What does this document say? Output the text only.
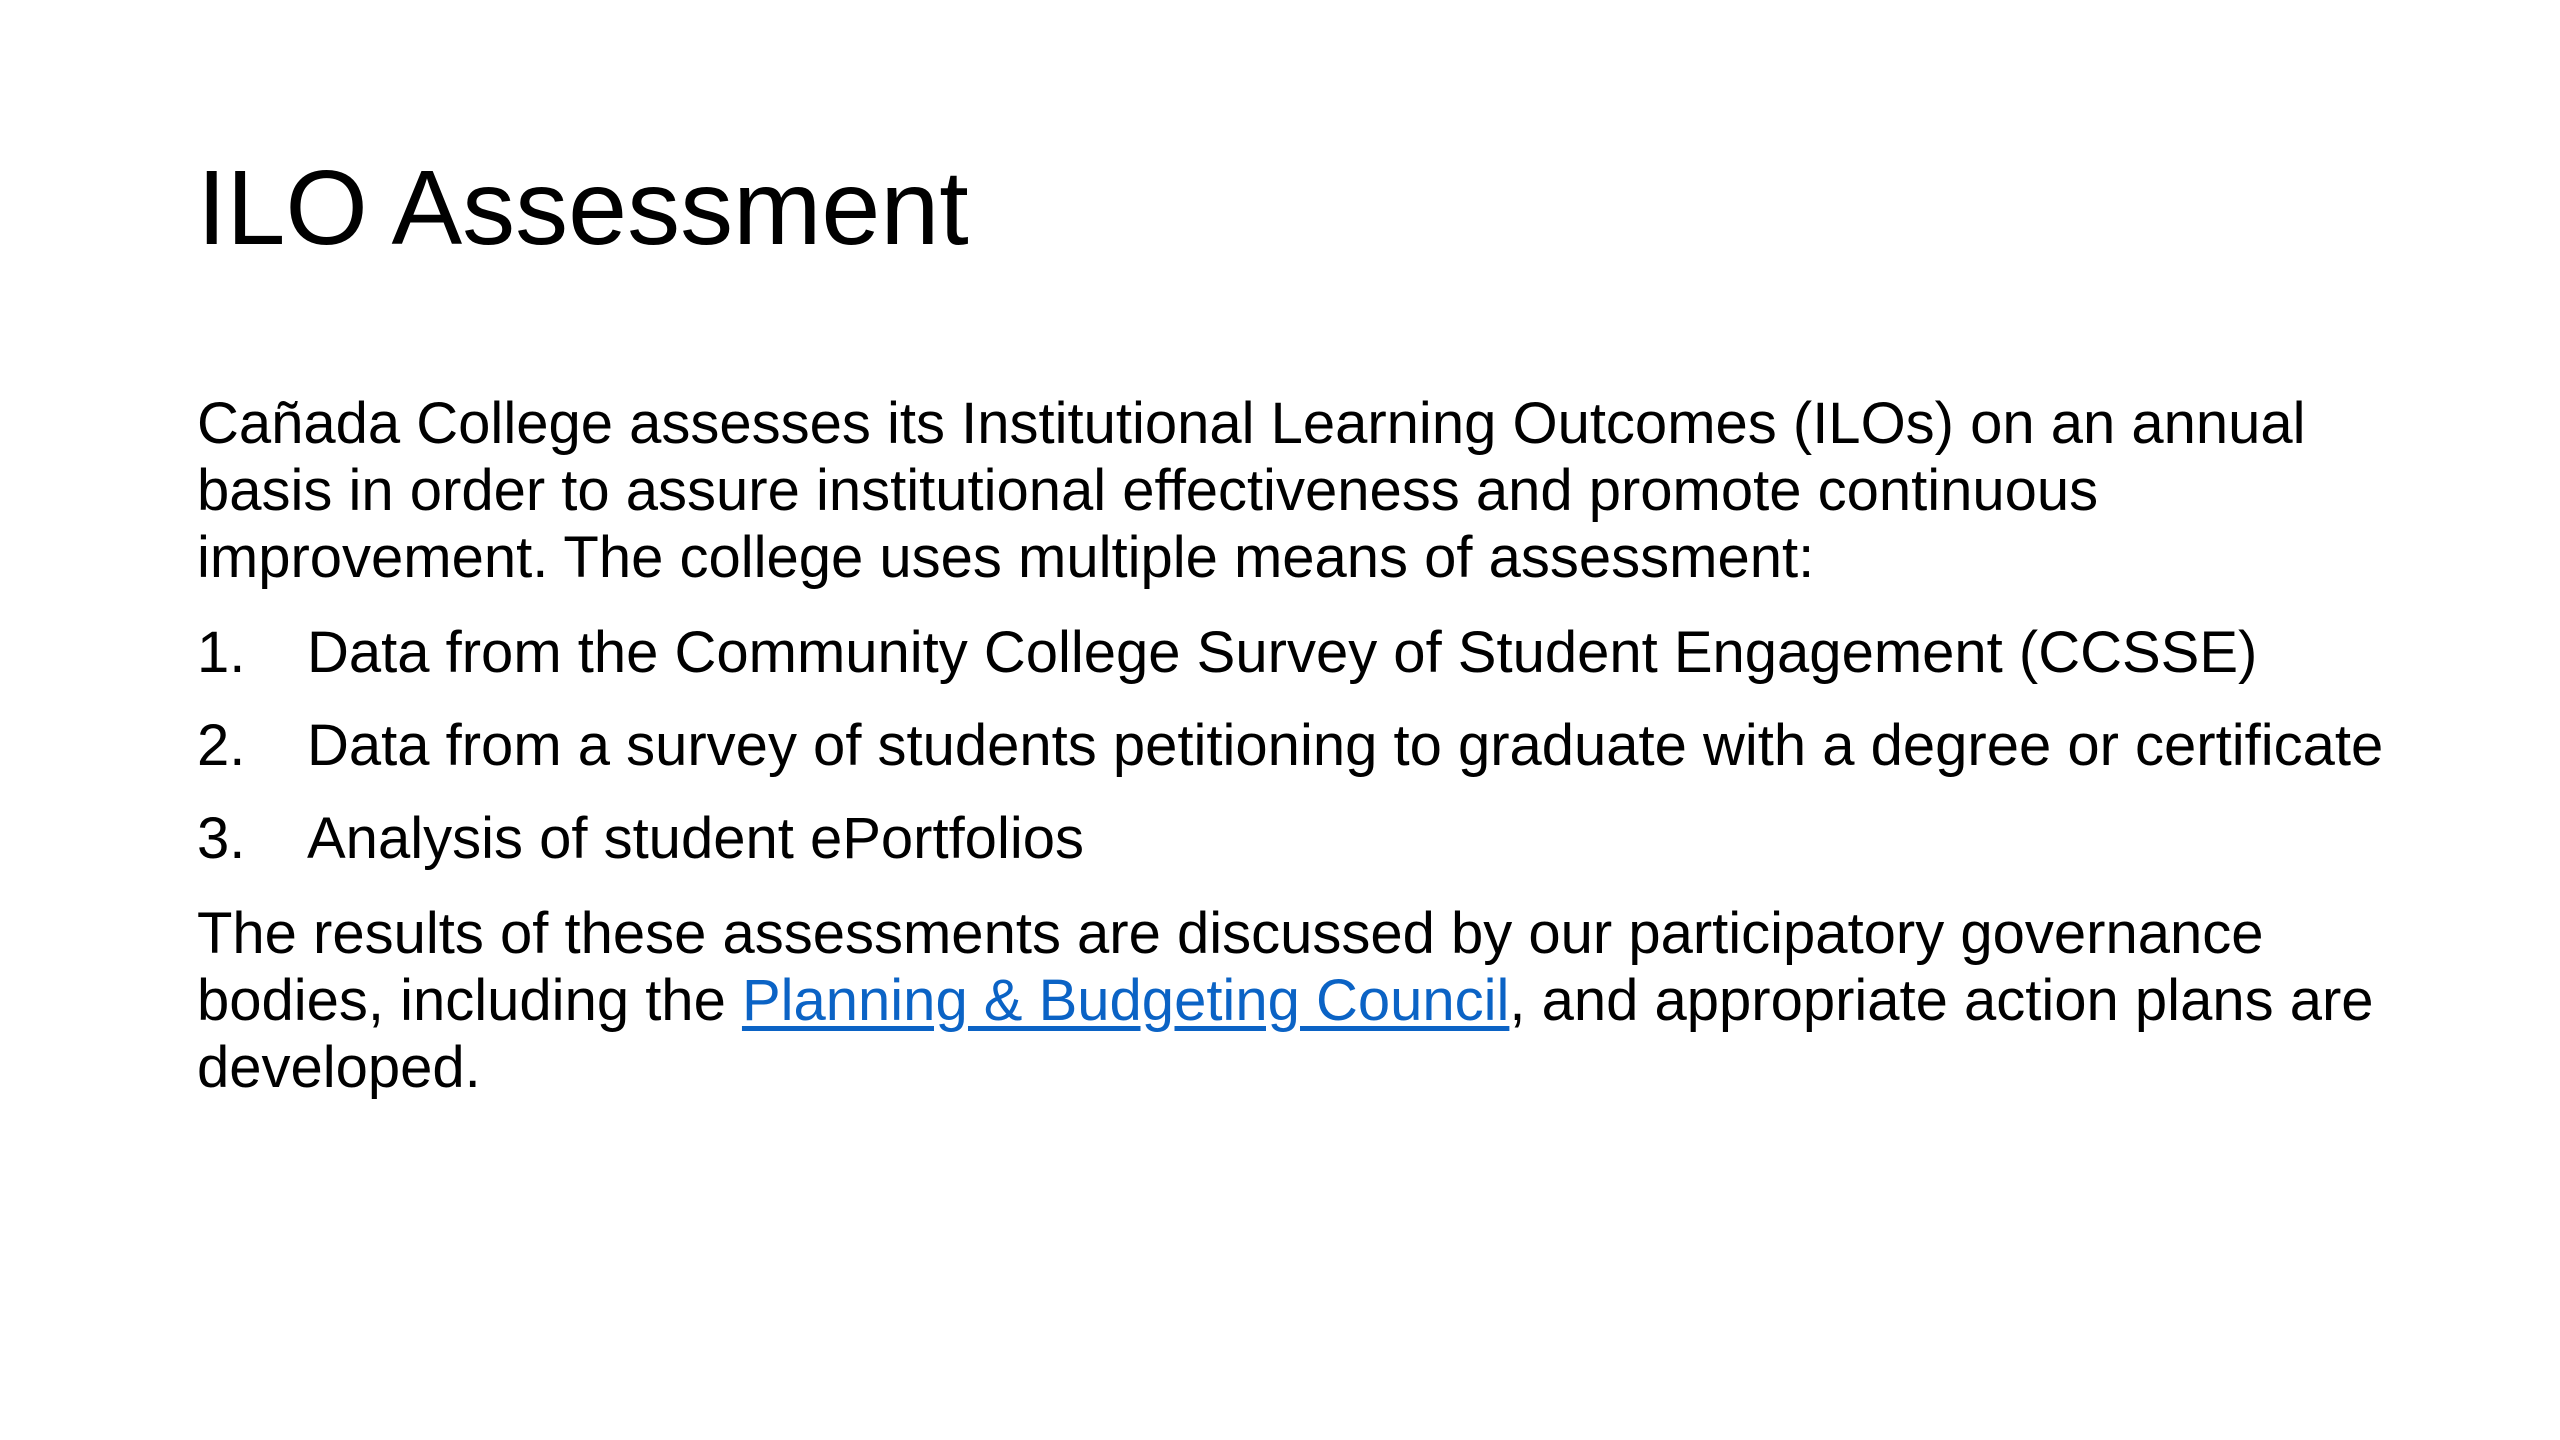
ILO Assessment

Cañada College assesses its Institutional Learning Outcomes (ILOs) on an annual basis in order to assure institutional effectiveness and promote continuous improvement. The college uses multiple means of assessment:

1. Data from the Community College Survey of Student Engagement (CCSSE)
2. Data from a survey of students petitioning to graduate with a degree or certificate
3. Analysis of student ePortfolios

The results of these assessments are discussed by our participatory governance bodies, including the Planning & Budgeting Council, and appropriate action plans are developed.
